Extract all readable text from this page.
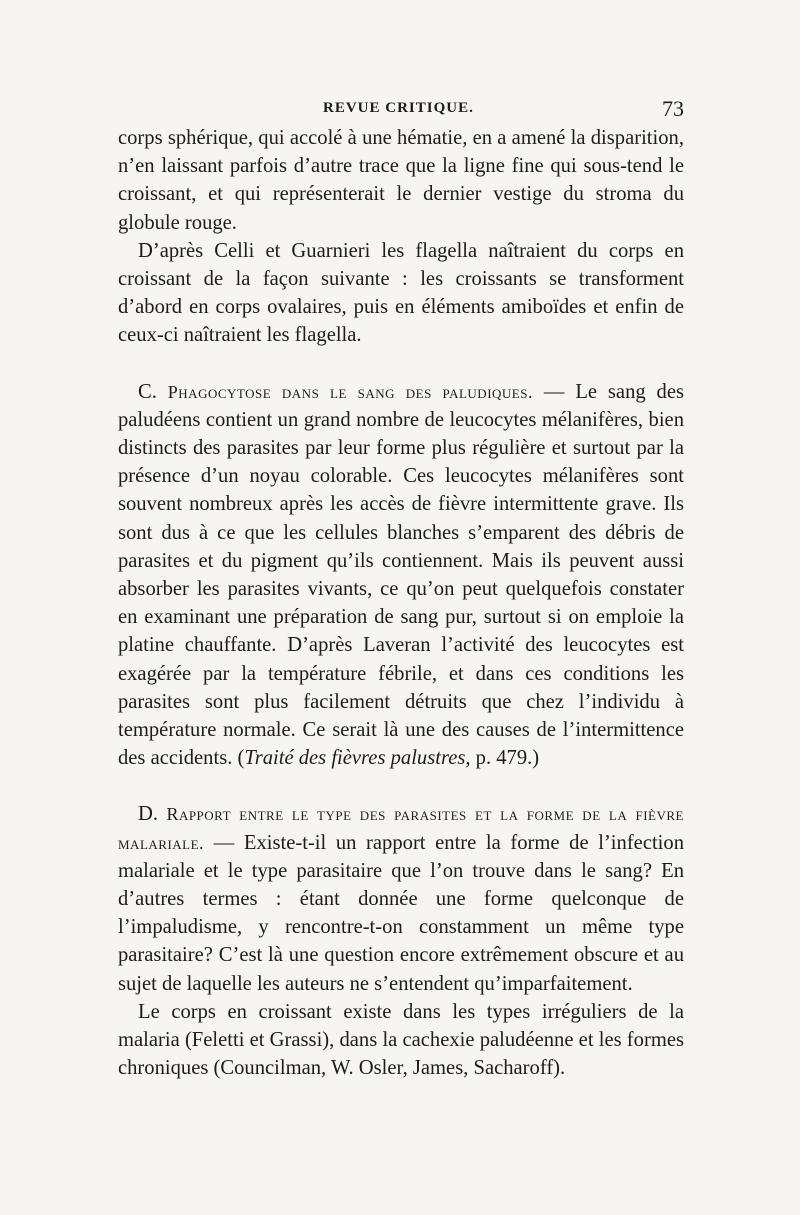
REVUE CRITIQUE.	73

corps sphérique, qui accolé à une hématie, en a amené la disparition, n’en laissant parfois d’autre trace que la ligne fine qui sous-tend le croissant, et qui représenterait le dernier vestige du stroma du globule rouge.

D’après Celli et Guarnieri les flagella naîtraient du corps en croissant de la façon suivante : les croissants se transforment d’abord en corps ovalaires, puis en éléments amiboïdes et enfin de ceux-ci naîtraient les flagella.

C. Phagocytose dans le sang des paludiques. — Le sang des paludéens contient un grand nombre de leucocytes mélanifères, bien distincts des parasites par leur forme plus régulière et surtout par la présence d’un noyau colorable. Ces leucocytes mélanifères sont souvent nombreux après les accès de fièvre intermittente grave. Ils sont dus à ce que les cellules blanches s’emparent des débris de parasites et du pigment qu’ils contiennent. Mais ils peuvent aussi absorber les parasites vivants, ce qu’on peut quelquefois constater en examinant une préparation de sang pur, surtout si on emploie la platine chauffante. D’après Laveran l’activité des leucocytes est exagérée par la température fébrile, et dans ces conditions les parasites sont plus facilement détruits que chez l’individu à température normale. Ce serait là une des causes de l’intermittence des accidents. (Traité des fièvres palustres, p. 479.)

D. Rapport entre le type des parasites et la forme de la fièvre malariale. — Existe-t-il un rapport entre la forme de l’infection malariale et le type parasitaire que l’on trouve dans le sang? En d’autres termes : étant donnée une forme quelconque de l’impaludisme, y rencontre-t-on constamment un même type parasitaire? C’est là une question encore extrêmement obscure et au sujet de laquelle les auteurs ne s’entendent qu’imparfaitement.

Le corps en croissant existe dans les types irréguliers de la malaria (Feletti et Grassi), dans la cachexie paludéenne et les formes chroniques (Councilman, W. Osler, James, Sacharoff).
